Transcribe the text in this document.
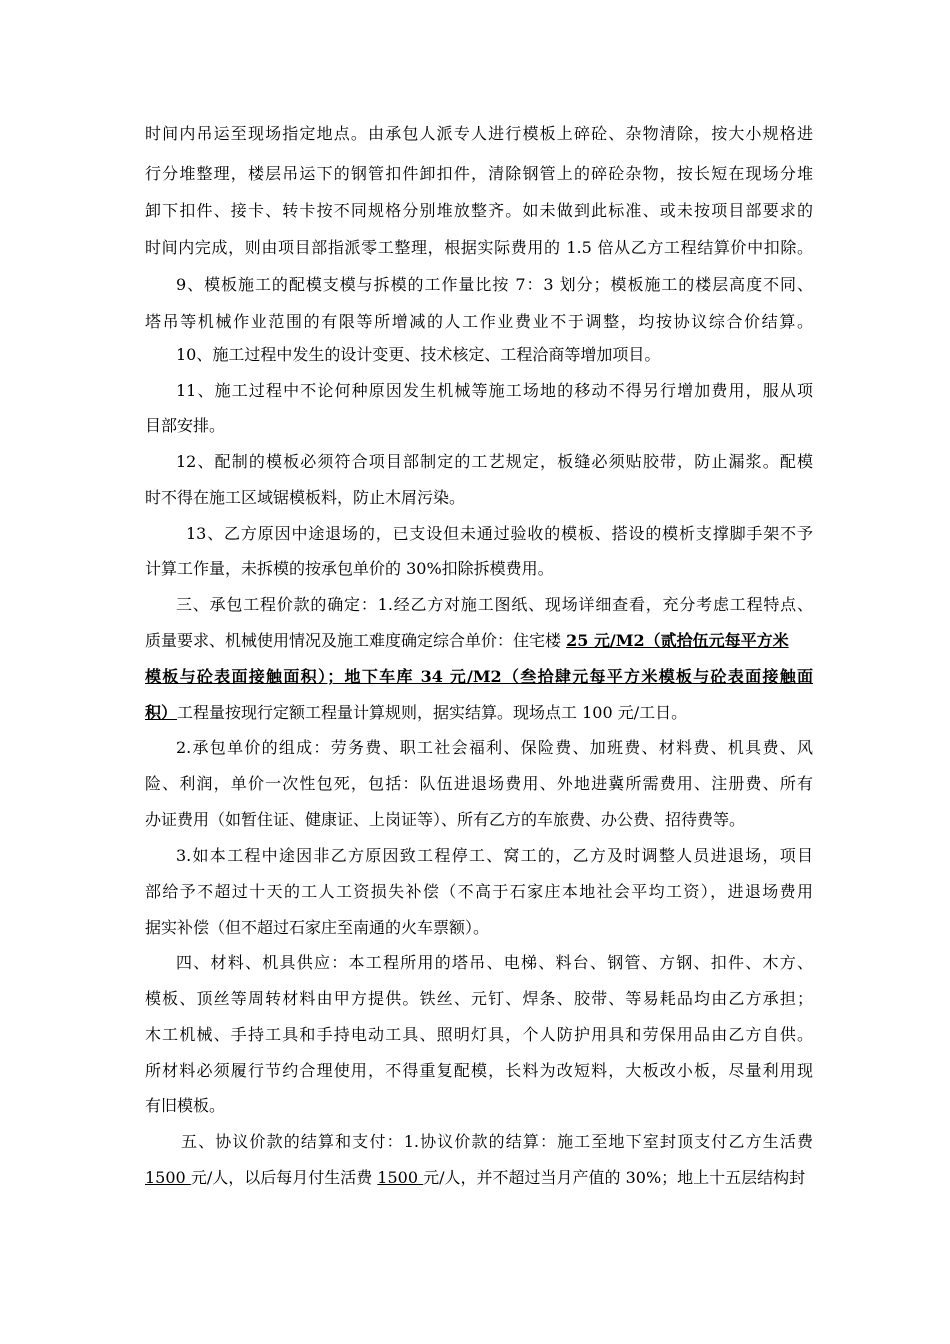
时间内吊运至现场指定地点。由承包人派专人进行模板上碎砼、杂物清除，按大小规格进
行分堆整理，楼层吊运下的钢管扣件卸扣件，清除钢管上的碎砼杂物，按长短在现场分堆
卸下扣件、接卡、转卡按不同规格分别堆放整齐。如未做到此标准、或未按项目部要求的
时间内完成，则由项目部指派零工整理，根据实际费用的 1.5 倍从乙方工程结算价中扣除。
9、模板施工的配模支模与拆模的工作量比按 7：3 划分；模板施工的楼层高度不同、
塔吊等机械作业范围的有限等所增减的人工作业费业不于调整，均按协议综合价结算。
10、施工过程中发生的设计变更、技术核定、工程洽商等增加项目。
11、施工过程中不论何种原因发生机械等施工场地的移动不得另行增加费用，服从项
目部安排。
12、配制的模板必须符合项目部制定的工艺规定，板缝必须贴胶带，防止漏浆。配模
时不得在施工区域锯模板料，防止木屑污染。
13、乙方原因中途退场的，已支设但未通过验收的模板、搭设的模析支撑脚手架不予
计算工作量，未拆模的按承包单价的 30%扣除拆模费用。
三、承包工程价款的确定：1.经乙方对施工图纸、现场详细查看，充分考虑工程特点、
质量要求、机械使用情况及施工难度确定综合单价：住宅楼 25 元/M2（贰拾伍元每平方米
模板与砼表面接触面积）；地下车库 34 元/M2（叁拾肆元每平方米模板与砼表面接触面
积）工程量按现行定额工程量计算规则，据实结算。现场点工 100 元/工日。
2.承包单价的组成：劳务费、职工社会福利、保险费、加班费、材料费、机具费、风
险、利润，单价一次性包死，包括：队伍进退场费用、外地进冀所需费用、注册费、所有
办证费用（如暂住证、健康证、上岗证等）、所有乙方的车旅费、办公费、招待费等。
3.如本工程中途因非乙方原因致工程停工、窝工的，乙方及时调整人员进退场，项目
部给予不超过十天的工人工资损失补偿（不高于石家庄本地社会平均工资），进退场费用
据实补偿（但不超过石家庄至南通的火车票额）。
四、材料、机具供应：本工程所用的塔吊、电梯、料台、钢管、方钢、扣件、木方、
模板、顶丝等周转材料由甲方提供。铁丝、元钉、焊条、胶带、等易耗品均由乙方承担；
木工机械、手持工具和手持电动工具、照明灯具，个人防护用具和劳保用品由乙方自供。
所材料必须履行节约合理使用，不得重复配模，长料为改短料，大板改小板，尽量利用现
有旧模板。
五、协议价款的结算和支付：1.协议价款的结算：施工至地下室封顶支付乙方生活费
1500 元/人，以后每月付生活费 1500 元/人，并不超过当月产值的 30%；地上十五层结构封
